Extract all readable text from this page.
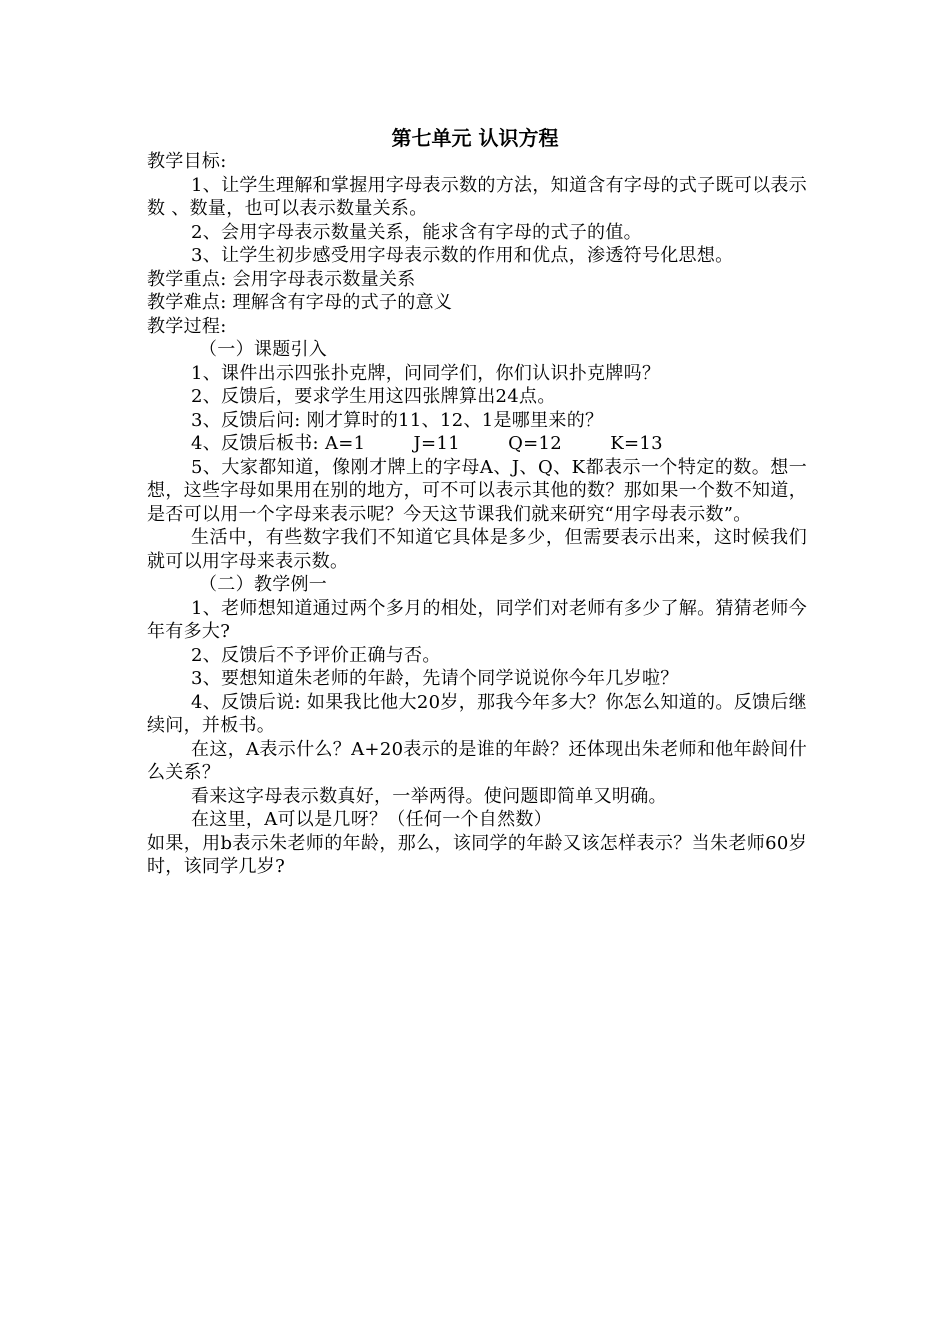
第七单元 认识方程

教学目标:

1、让学生理解和掌握用字母表示数的方法，知道含有字母的式子既可以表示数 、数量，也可以表示数量关系。

2、会用字母表示数量关系，能求含有字母的式子的值。

3、让学生初步感受用字母表示数的作用和优点，渗透符号化思想。

教学重点: 会用字母表示数量关系

教学难点: 理解含有字母的式子的意义

教学过程:

（一）课题引入

1、课件出示四张扑克牌，问同学们，你们认识扑克牌吗？

2、反馈后，要求学生用这四张牌算出24点。

3、反馈后问: 刚才算时的11、12、1是哪里来的？

4、反馈后板书: A=1        J=11        Q=12        K=13

5、大家都知道，像刚才牌上的字母A、J、Q、K都表示一个特定的数。想一想，这些字母如果用在别的地方，可不可以表示其他的数？那如果一个数不知道，是否可以用一个字母来表示呢？今天这节课我们就来研究“用字母表示数”。

生活中，有些数字我们不知道它具体是多少，但需要表示出来，这时候我们就可以用字母来表示数。

（二）教学例一

1、老师想知道通过两个多月的相处，同学们对老师有多少了解。猜猜老师今年有多大?

2、反馈后不予评价正确与否。

3、要想知道朱老师的年龄，先请个同学说说你今年几岁啦？

4、反馈后说: 如果我比他大20岁，那我今年多大？你怎么知道的。反馈后继续问，并板书。

在这，A表示什么？A+20表示的是谁的年龄？还体现出朱老师和他年龄间什么关系？

看来这字母表示数真好，一举两得。使问题即简单又明确。

在这里，A可以是几呀？（任何一个自然数）

如果，用b表示朱老师的年龄，那么，该同学的年龄又该怎样表示？当朱老师60岁时，该同学几岁?
